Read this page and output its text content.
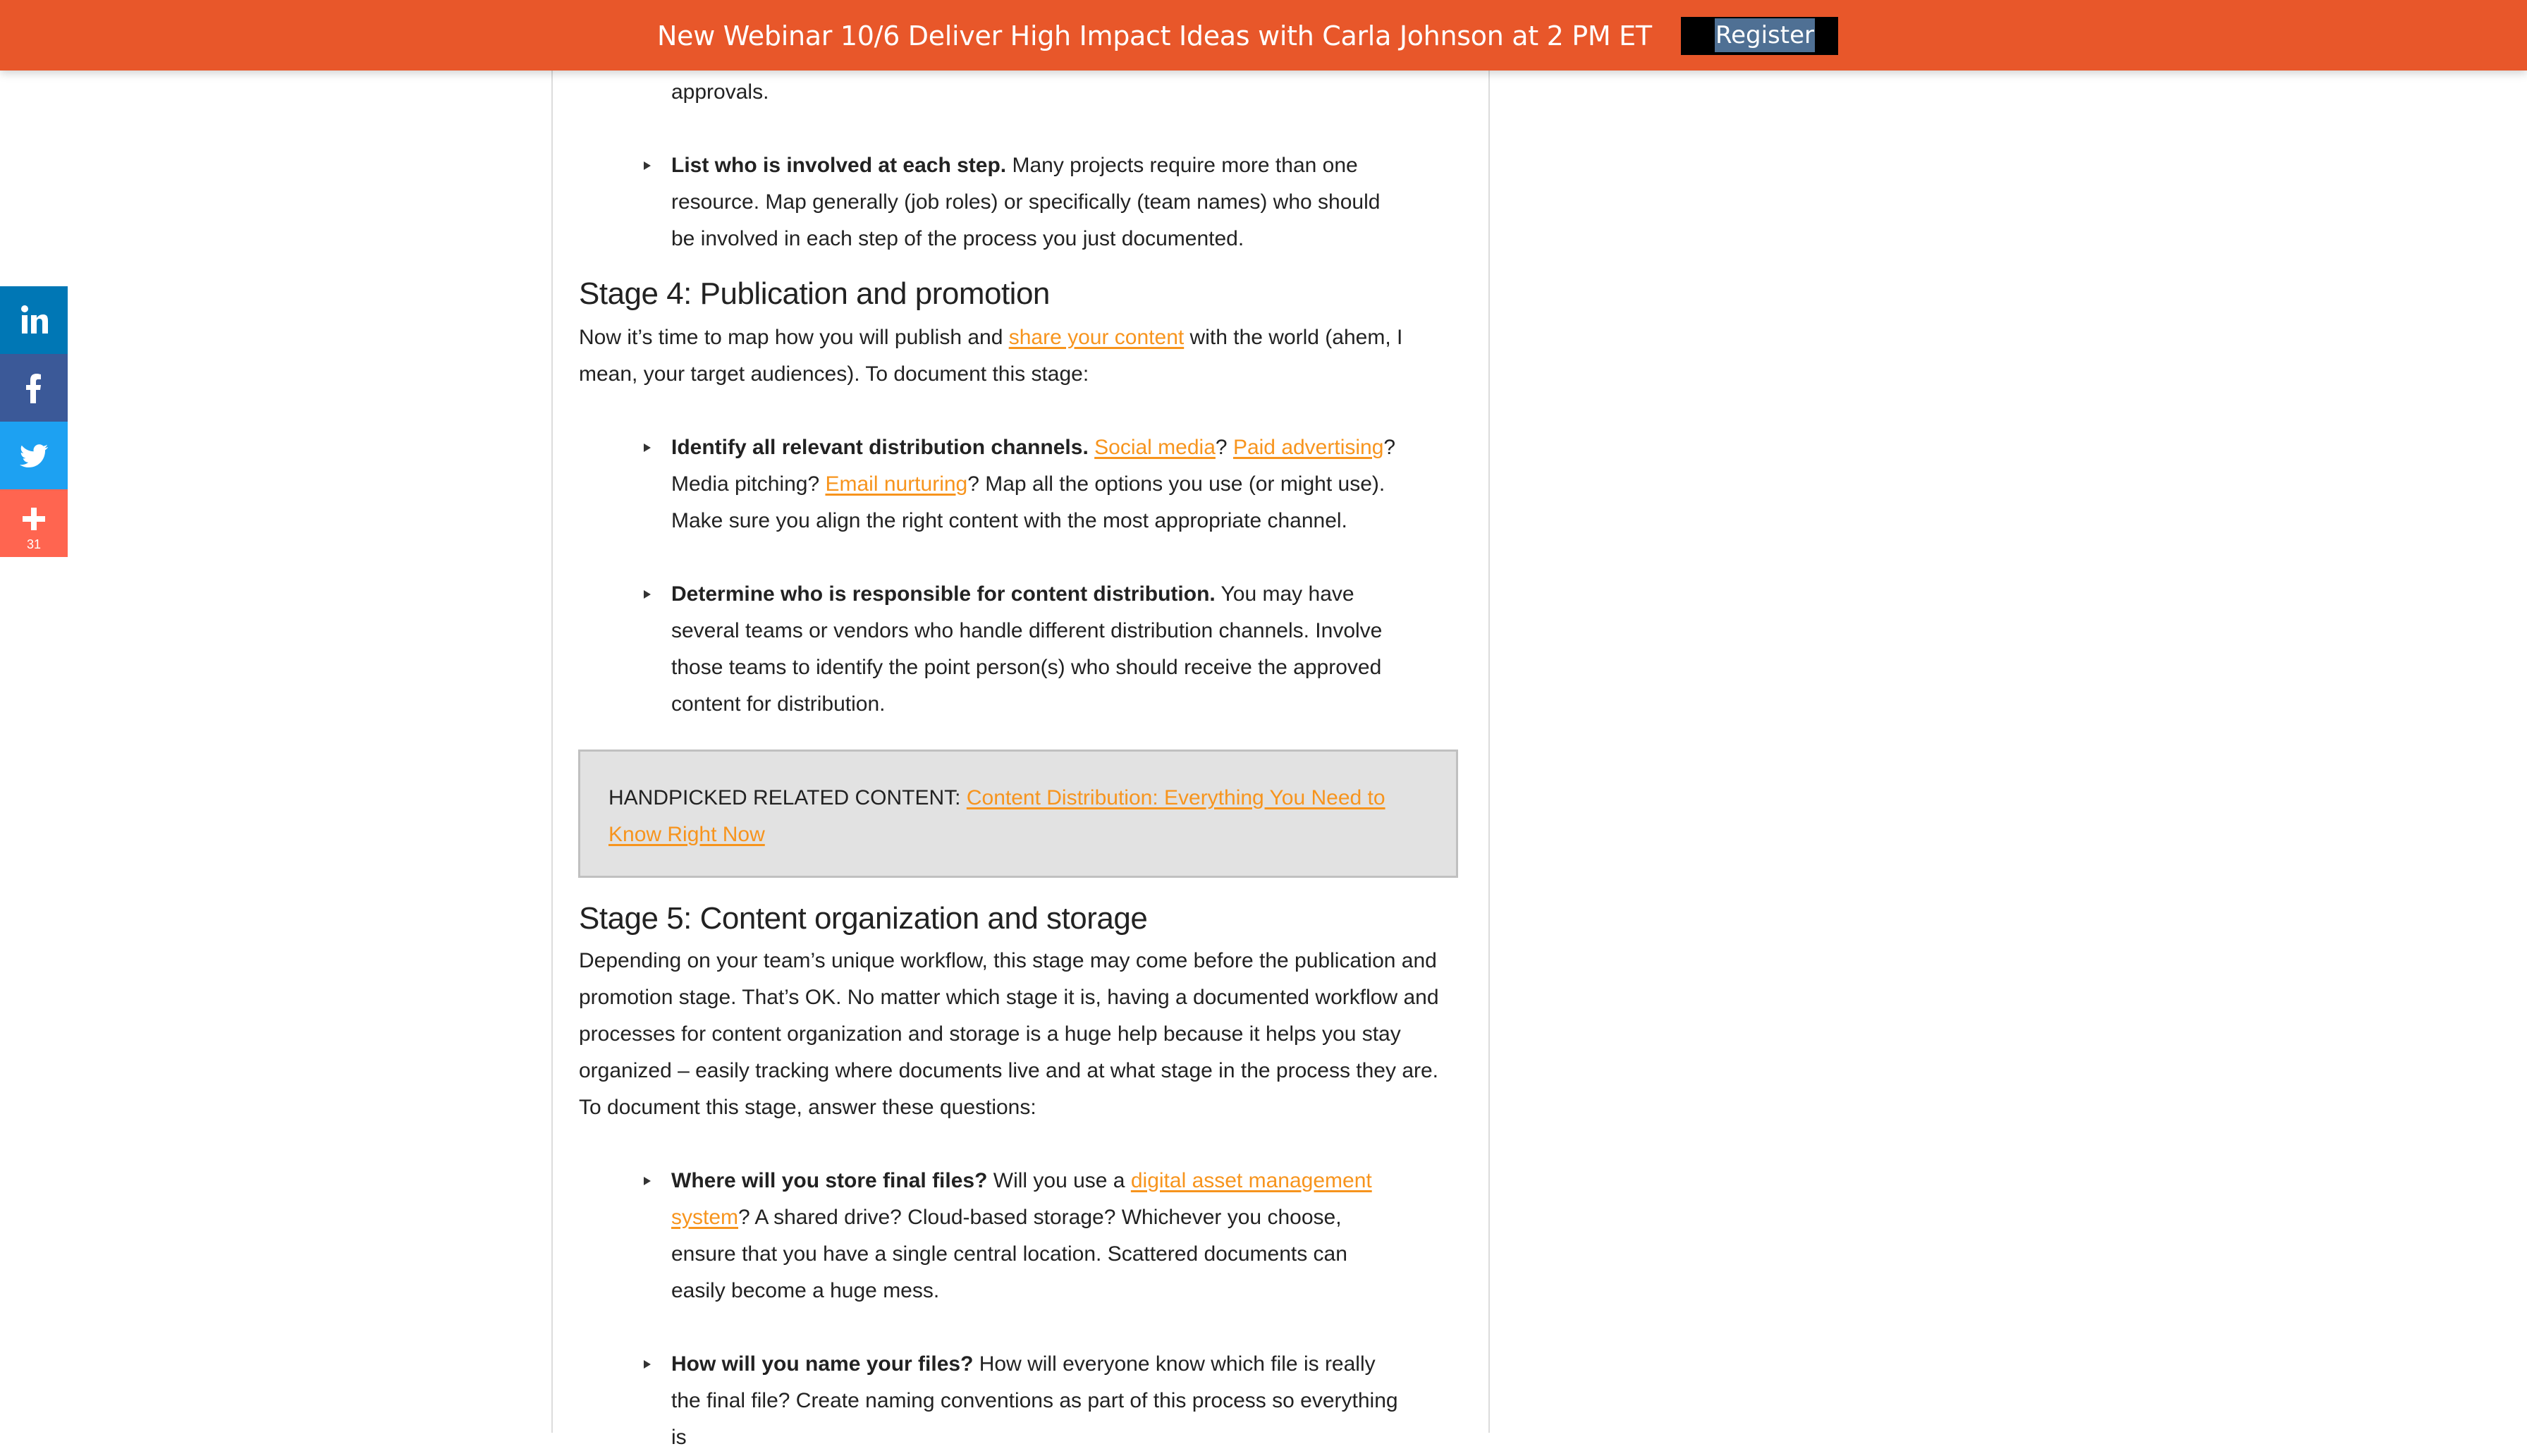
New Webinar 10/6 Deliver High Impact Ideas with Carla Johnson at 2 PM ET	Register
31

approvals.

List who is involved at each step. Many projects require more than one resource. Map generally (job roles) or specifically (team names) who should be involved in each step of the process you just documented.
Stage 4: Publication and promotion

Now it’s time to map how you will publish and share your content with the world (ahem, I mean, your target audiences). To document this stage:

Identify all relevant distribution channels. Social media? Paid advertising? Media pitching? Email nurturing? Map all the options you use (or might use). Make sure you align the right content with the most appropriate channel.
Determine who is responsible for content distribution. You may have several teams or vendors who handle different distribution channels. Involve those teams to identify the point person(s) who should receive the approved content for distribution.
HANDPICKED RELATED CONTENT: Content Distribution: Everything You Need to Know Right Now
Stage 5: Content organization and storage

Depending on your team’s unique workflow, this stage may come before the publication and promotion stage. That’s OK. No matter which stage it is, having a documented workflow and processes for content organization and storage is a huge help because it helps you stay organized – easily tracking where documents live and at what stage in the process they are. To document this stage, answer these questions:

Where will you store final files? Will you use a digital asset management system? A shared drive? Cloud-based storage? Whichever you choose, ensure that you have a single central location. Scattered documents can easily become a huge mess.
How will you name your files? How will everyone know which file is really the final file? Create naming conventions as part of this process so everything is
